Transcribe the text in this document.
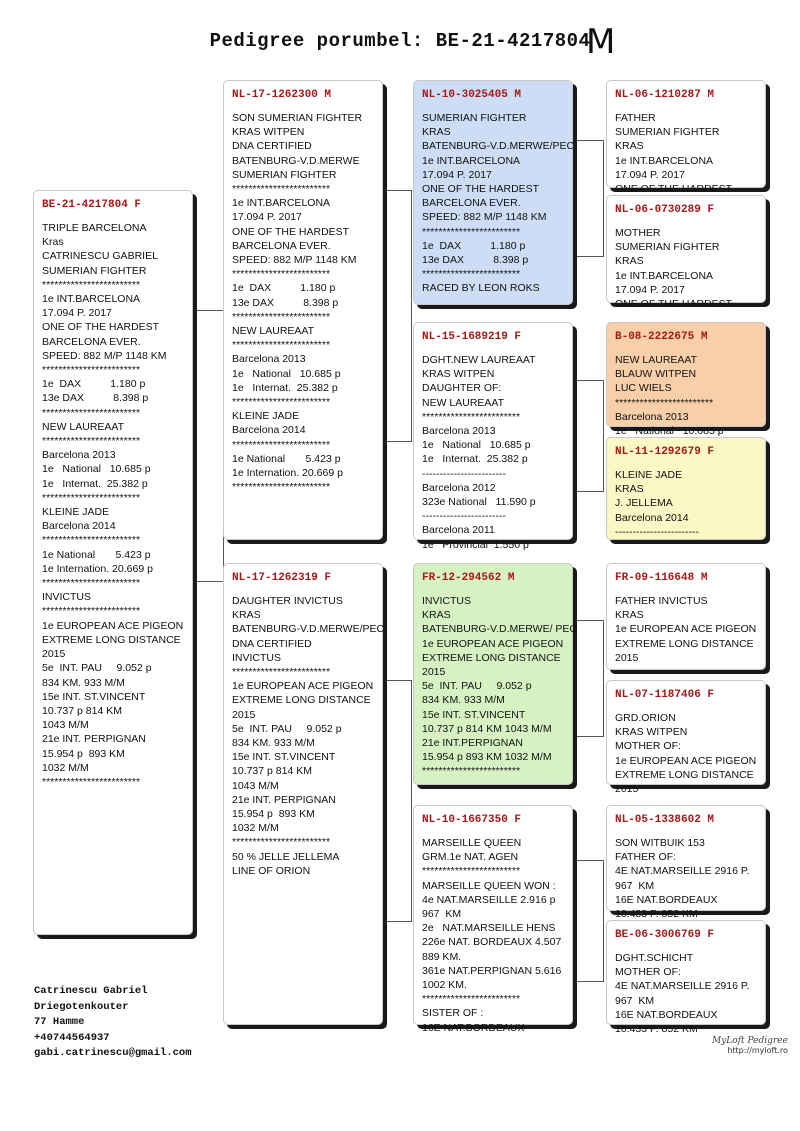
Pedigree porumbel: BE-21-4217804
M
BE-21-4217804 F
TRIPLE BARCELONA
Kras
CATRINESCU GABRIEL
SUMERIAN FIGHTER
************************
1e INT.BARCELONA
17.094 P. 2017
ONE OF THE HARDEST
BARCELONA EVER.
SPEED: 882 M/P 1148 KM
************************
1e  DAX          1.180 p
13e DAX          8.398 p
************************
NEW LAUREAAT
************************
Barcelona 2013
1e   National   10.685 p
1e   Internat.  25.382 p
************************
KLEINE JADE
Barcelona 2014
************************
1e National       5.423 p
1e Internation. 20.669 p
************************
INVICTUS
************************
1e EUROPEAN ACE PIGEON
EXTREME LONG DISTANCE
2015
5e  INT. PAU     9.052 p
834 KM. 933 M/M
15e INT. ST.VINCENT
10.737 p 814 KM
1043 M/M
21e INT. PERPIGNAN
15.954 p  893 KM
1032 M/M
************************
NL-17-1262300 M
SON SUMERIAN FIGHTER
KRAS WITPEN
DNA CERTIFIED
BATENBURG-V.D.MERWE
SUMERIAN FIGHTER
************************
1e INT.BARCELONA
17.094 P. 2017
ONE OF THE HARDEST
BARCELONA EVER.
SPEED: 882 M/P 1148 KM
************************
1e  DAX          1.180 p
13e DAX          8.398 p
************************
NEW LAUREAAT
************************
Barcelona 2013
1e   National   10.685 p
1e   Internat.  25.382 p
************************
KLEINE JADE
Barcelona 2014
************************
1e National       5.423 p
1e Internation. 20.669 p
************************
NL-17-1262319 F
DAUGHTER INVICTUS
KRAS
BATENBURG-V.D.MERWE/PEC
DNA CERTIFIED
INVICTUS
************************
1e EUROPEAN ACE PIGEON
EXTREME LONG DISTANCE
2015
5e  INT. PAU     9.052 p
834 KM. 933 M/M
15e INT. ST.VINCENT
10.737 p 814 KM
1043 M/M
21e INT. PERPIGNAN
15.954 p  893 KM
1032 M/M
************************
50 % JELLE JELLEMA
LINE OF ORION
NL-10-3025405 M
SUMERIAN FIGHTER
KRAS
BATENBURG-V.D.MERWE/PEC
1e INT.BARCELONA
17.094 P. 2017
ONE OF THE HARDEST
BARCELONA EVER.
SPEED: 882 M/P 1148 KM
************************
1e  DAX          1.180 p
13e DAX          8.398 p
************************
RACED BY LEON ROKS
NL-15-1689219 F
DGHT.NEW LAUREAAT
KRAS WITPEN
DAUGHTER OF:
NEW LAUREAAT
************************
Barcelona 2013
1e   National   10.685 p
1e   Internat.  25.382 p
------------------------
Barcelona 2012
323e National   11.590 p
------------------------
Barcelona 2011
1e   Provincial  1.550 p
FR-12-294562 M
INVICTUS
KRAS
BATENBURG-V.D.MERWE/ PEC
1e EUROPEAN ACE PIGEON
EXTREME LONG DISTANCE
2015
5e  INT. PAU     9.052 p
834 KM. 933 M/M
15e INT. ST.VINCENT
10.737 p 814 KM 1043 M/M
21e INT.PERPIGNAN
15.954 p 893 KM 1032 M/M
************************
NL-10-1667350 F
MARSEILLE QUEEN
GRM.1e NAT. AGEN
************************
MARSEILLE QUEEN WON :
4e NAT.MARSEILLE 2.916 p
967  KM
2e   NAT.MARSEILLE HENS
226e NAT. BORDEAUX 4.507
889 KM.
361e NAT.PERPIGNAN 5.616
1002 KM.
************************
SISTER OF :
16E NAT.BORDEAUX
NL-06-1210287 M
FATHER
SUMERIAN FIGHTER
KRAS
1e INT.BARCELONA
17.094 P. 2017
ONE OF THE HARDEST
NL-06-0730289 F
MOTHER
SUMERIAN FIGHTER
KRAS
1e INT.BARCELONA
17.094 P. 2017
ONE OF THE HARDEST
B-08-2222675 M
NEW LAUREAAT
BLAUW WITPEN
LUC WIELS
************************
Barcelona 2013
1e   National   10.685 p
NL-11-1292679 F
KLEINE JADE
KRAS
J. JELLEMA
Barcelona 2014
------------------------
FR-09-116648 M
FATHER INVICTUS
KRAS
1e EUROPEAN ACE PIGEON
EXTREME LONG DISTANCE
2015
NL-07-1187406 F
GRD.ORION
KRAS WITPEN
MOTHER OF:
1e EUROPEAN ACE PIGEON
EXTREME LONG DISTANCE
2015
NL-05-1338602 M
SON WITBUIK 153
FATHER OF:
4E NAT.MARSEILLE 2916 P.
967  KM
16E NAT.BORDEAUX
10.433 P. 852 KM
BE-06-3006769 F
DGHT.SCHICHT
MOTHER OF:
4E NAT.MARSEILLE 2916 P.
967  KM
16E NAT.BORDEAUX
10.433 P. 852 KM
Catrinescu Gabriel
Driegotenkouter
77 Hamme
+40744564937
gabi.catrinescu@gmail.com
MyLoft Pedigree
http://myloft.ro
